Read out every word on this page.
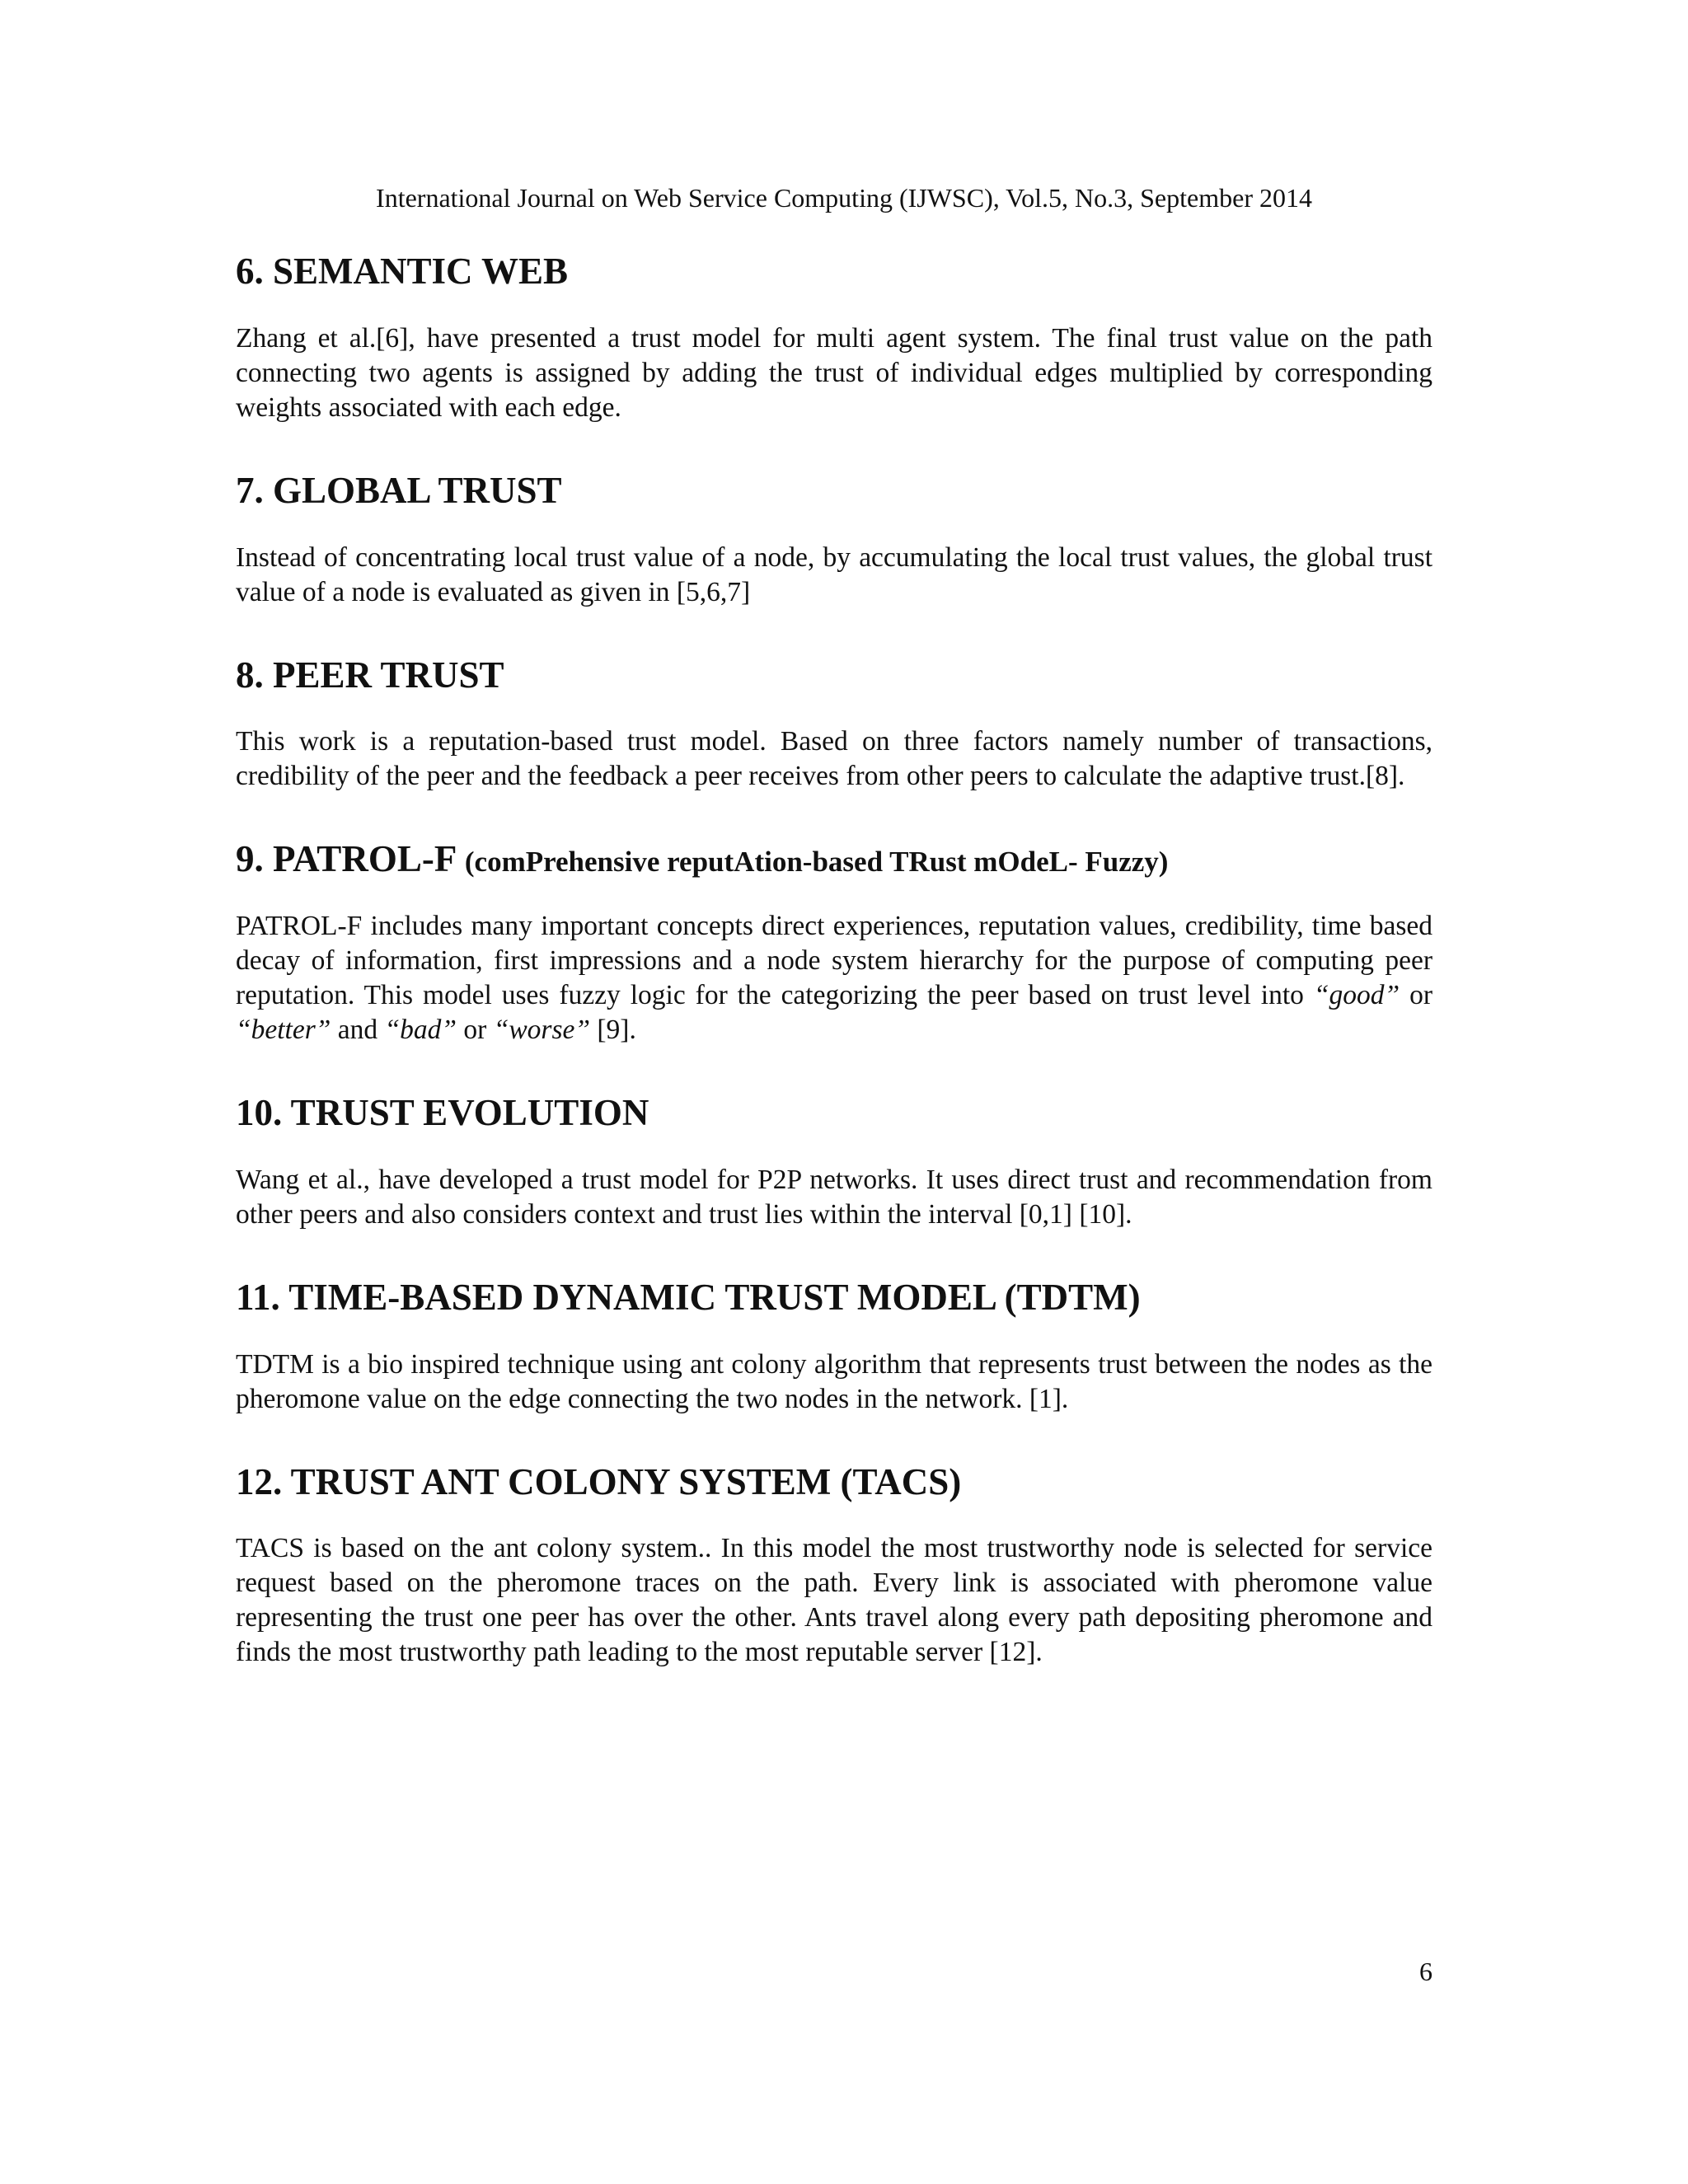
International Journal on Web Service Computing (IJWSC), Vol.5, No.3, September 2014
6. SEMANTIC WEB

Zhang et al.[6], have presented a trust model for multi agent system. The final trust value on the path connecting two agents is assigned by adding the trust of individual edges multiplied by corresponding weights associated with each edge.

7. GLOBAL TRUST

Instead of concentrating local trust value of a node, by accumulating the local trust values, the global trust value of a node is evaluated as given in [5,6,7]

8. PEER TRUST

This work is a reputation-based trust model. Based on three factors namely number of transactions, credibility of the peer and the feedback a peer receives from other peers to calculate the adaptive trust.[8].

9. PATROL-F (comPrehensive reputAtion-based TRust mOdeL- Fuzzy)

PATROL-F includes many important concepts direct experiences, reputation values, credibility, time based decay of information, first impressions and a node system hierarchy for the purpose of computing peer reputation. This model uses fuzzy logic for the categorizing the peer based on trust level into “good” or “better” and “bad” or “worse” [9].

10. TRUST EVOLUTION

Wang et al., have developed a trust model for P2P networks. It uses direct trust and recommendation from other peers and also considers context and trust lies within the interval [0,1] [10].

11. TIME-BASED DYNAMIC TRUST MODEL (TDTM)

TDTM is a bio inspired technique using ant colony algorithm that represents trust between the nodes as the pheromone value on the edge connecting the two nodes in the network. [1].

12. TRUST ANT COLONY SYSTEM (TACS)

TACS is based on the ant colony system.. In this model the most trustworthy node is selected for service request based on the pheromone traces on the path. Every link is associated with pheromone value representing the trust one peer has over the other. Ants travel along every path depositing pheromone and finds the most trustworthy path leading to the most reputable server [12].

6
